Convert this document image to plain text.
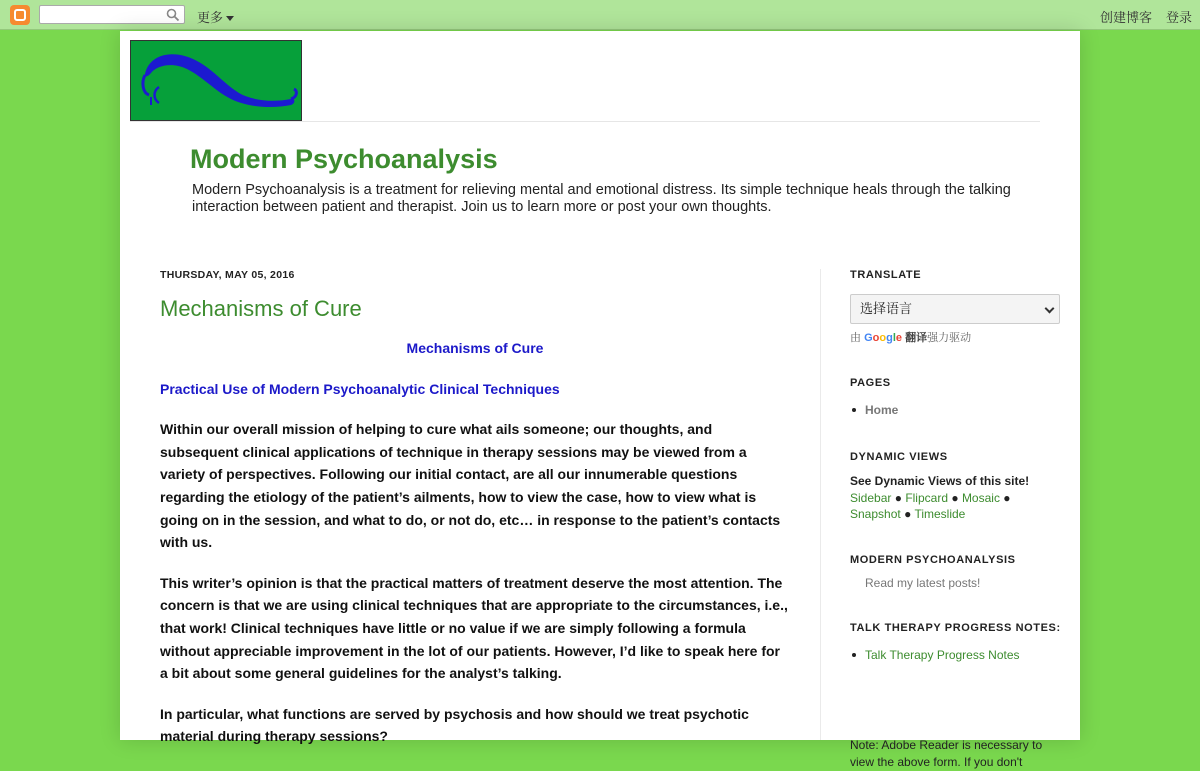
更多	创建博客 登录
Modern Psychoanalysis
Modern Psychoanalysis is a treatment for relieving mental and emotional distress. Its simple technique heals through the talking interaction between patient and therapist. Join us to learn more or post your own thoughts.
THURSDAY, MAY 05, 2016
Mechanisms of Cure

Mechanisms of Cure

Practical Use of Modern Psychoanalytic Clinical Techniques

Within our overall mission of helping to cure what ails someone; our thoughts, and subsequent clinical applications of technique in therapy sessions may be viewed from a variety of perspectives. Following our initial contact, are all our innumerable questions regarding the etiology of the patient’s ailments, how to view the case, how to view what is going on in the session, and what to do, or not do, etc… in response to the patient’s contacts with us.

This writer’s opinion is that the practical matters of treatment deserve the most attention. The concern is that we are using clinical techniques that are appropriate to the circumstances, i.e., that work! Clinical techniques have little or no value if we are simply following a formula without appreciable improvement in the lot of our patients. However, I’d like to speak here for a bit about some general guidelines for the analyst’s talking.

In particular, what functions are served by psychosis and how should we treat psychotic material during therapy sessions?

TRANSLATE
选择语言
由 Google 翻译强力驱动
PAGES
Home
DYNAMIC VIEWS
See Dynamic Views of this site!
Sidebar ● Flipcard ● Mosaic ●
Snapshot ● Timeslide
MODERN PSYCHOANALYSIS
Read my latest posts!
TALK THERAPY PROGRESS NOTES:
Talk Therapy Progress Notes
Note: Adobe Reader is necessary to view the above form. If you don't
